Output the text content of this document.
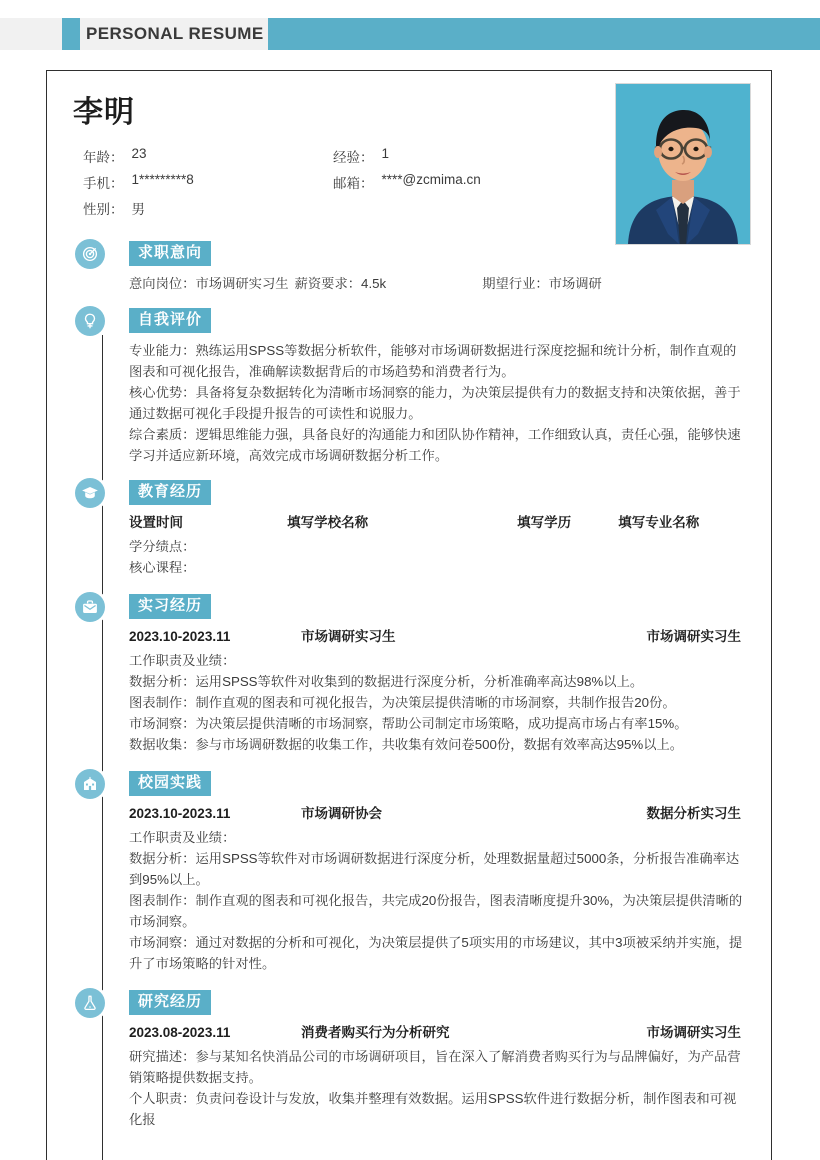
PERSONAL RESUME
李明
年龄： 23	经验： 1
手机： 1*********8	邮箱： ****@zcmima.cn
性别： 男
求职意向
意向岗位：市场调研实习生 薪资要求：4.5k	期望行业：市场调研
自我评价

专业能力：熟练运用SPSS等数据分析软件，能够对市场调研数据进行深度挖掘和统计分析，制作直观的图表和可视化报告，准确解读数据背后的市场趋势和消费者行为。

核心优势：具备将复杂数据转化为清晰市场洞察的能力，为决策层提供有力的数据支持和决策依据，善于通过数据可视化手段提升报告的可读性和说服力。

综合素质：逻辑思维能力强，具备良好的沟通能力和团队协作精神，工作细致认真，责任心强，能够快速学习并适应新环境，高效完成市场调研数据分析工作。

教育经历
设置时间	填写学校名称	填写学历	填写专业名称
学分绩点：
核心课程：
实习经历
2023.10-2023.11	市场调研实习生	市场调研实习生

工作职责及业绩：

数据分析：运用SPSS等软件对收集到的数据进行深度分析，分析准确率高达98%以上。

图表制作：制作直观的图表和可视化报告，为决策层提供清晰的市场洞察，共制作报告20份。

市场洞察：为决策层提供清晰的市场洞察，帮助公司制定市场策略，成功提高市场占有率15%。

数据收集：参与市场调研数据的收集工作，共收集有效问卷500份，数据有效率高达95%以上。

校园实践
2023.10-2023.11	市场调研协会	数据分析实习生

工作职责及业绩：

数据分析：运用SPSS等软件对市场调研数据进行深度分析，处理数据量超过5000条，分析报告准确率达到95%以上。

图表制作：制作直观的图表和可视化报告，共完成20份报告，图表清晰度提升30%，为决策层提供清晰的市场洞察。

市场洞察：通过对数据的分析和可视化，为决策层提供了5项实用的市场建议，其中3项被采纳并实施，提升了市场策略的针对性。

研究经历
2023.08-2023.11	消费者购买行为分析研究	市场调研实习生

研究描述：参与某知名快消品公司的市场调研项目，旨在深入了解消费者购买行为与品牌偏好，为产品营销策略提供数据支持。

个人职责：负责问卷设计与发放，收集并整理有效数据。运用SPSS软件进行数据分析，制作图表和可视化报
